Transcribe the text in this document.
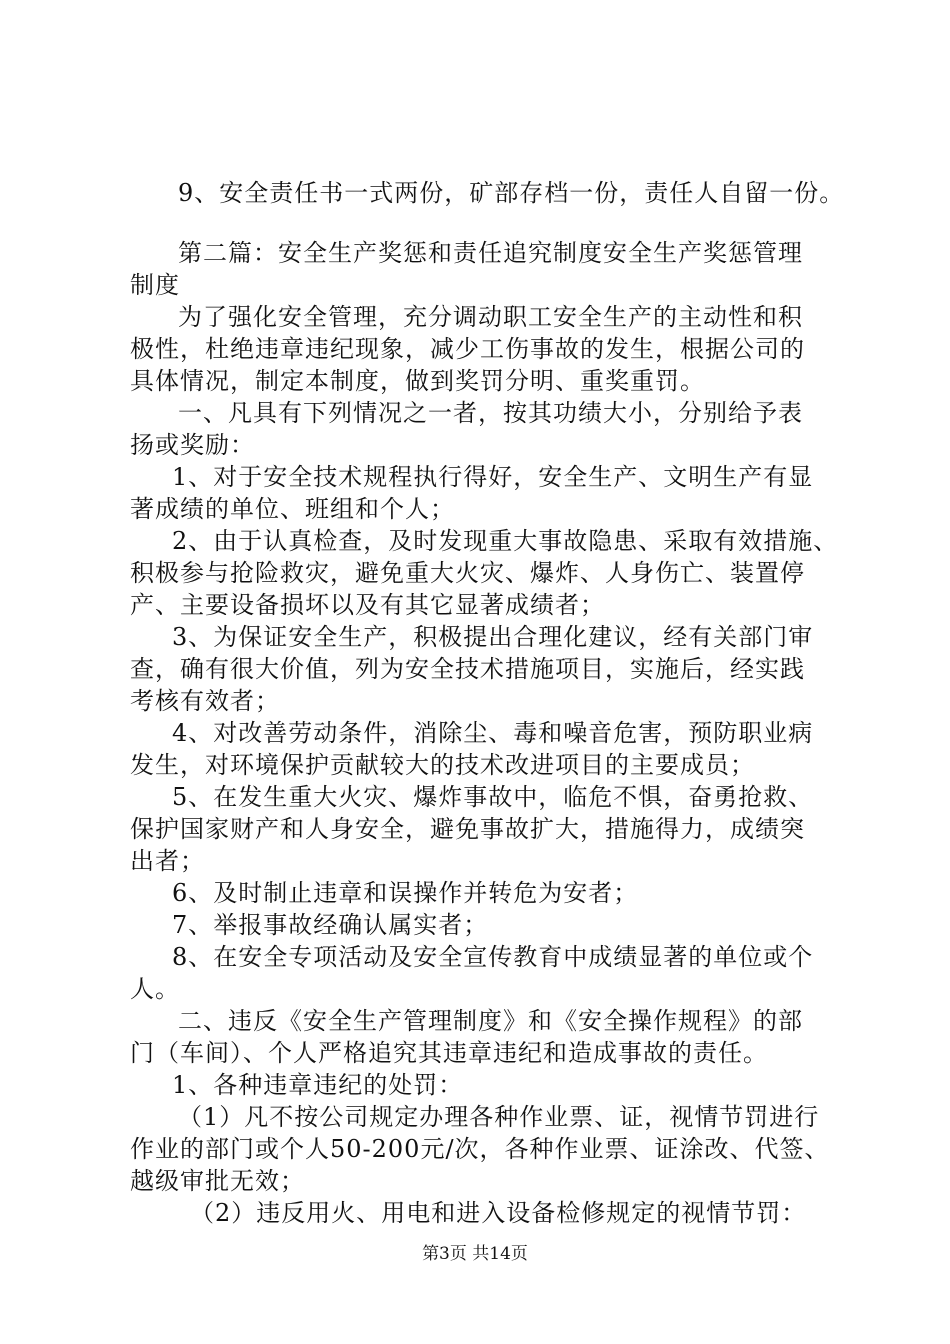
9、安全责任书一式两份，矿部存档一份，责任人自留一份。
第二篇：安全生产奖惩和责任追究制度安全生产奖惩管理
制度
为了强化安全管理，充分调动职工安全生产的主动性和积
极性，杜绝违章违纪现象，减少工伤事故的发生，根据公司的
具体情况，制定本制度，做到奖罚分明、重奖重罚。
一、凡具有下列情况之一者，按其功绩大小，分别给予表
扬或奖励：
1、对于安全技术规程执行得好，安全生产、文明生产有显
著成绩的单位、班组和个人；
2、由于认真检查，及时发现重大事故隐患、采取有效措施、
积极参与抢险救灾，避免重大火灾、爆炸、人身伤亡、装置停
产、主要设备损坏以及有其它显著成绩者；
3、为保证安全生产，积极提出合理化建议，经有关部门审
查，确有很大价值，列为安全技术措施项目，实施后，经实践
考核有效者；
4、对改善劳动条件，消除尘、毒和噪音危害，预防职业病
发生，对环境保护贡献较大的技术改进项目的主要成员；
5、在发生重大火灾、爆炸事故中，临危不惧，奋勇抢救、
保护国家财产和人身安全，避免事故扩大，措施得力，成绩突
出者；
6、及时制止违章和误操作并转危为安者；
7、举报事故经确认属实者；
8、在安全专项活动及安全宣传教育中成绩显著的单位或个
人。
二、违反《安全生产管理制度》和《安全操作规程》的部
门（车间）、个人严格追究其违章违纪和造成事故的责任。
1、各种违章违纪的处罚：
（1）凡不按公司规定办理各种作业票、证，视情节罚进行
作业的部门或个人50-200元/次，各种作业票、证涂改、代签、
越级审批无效；
（2）违反用火、用电和进入设备检修规定的视情节罚：
第3页 共14页
